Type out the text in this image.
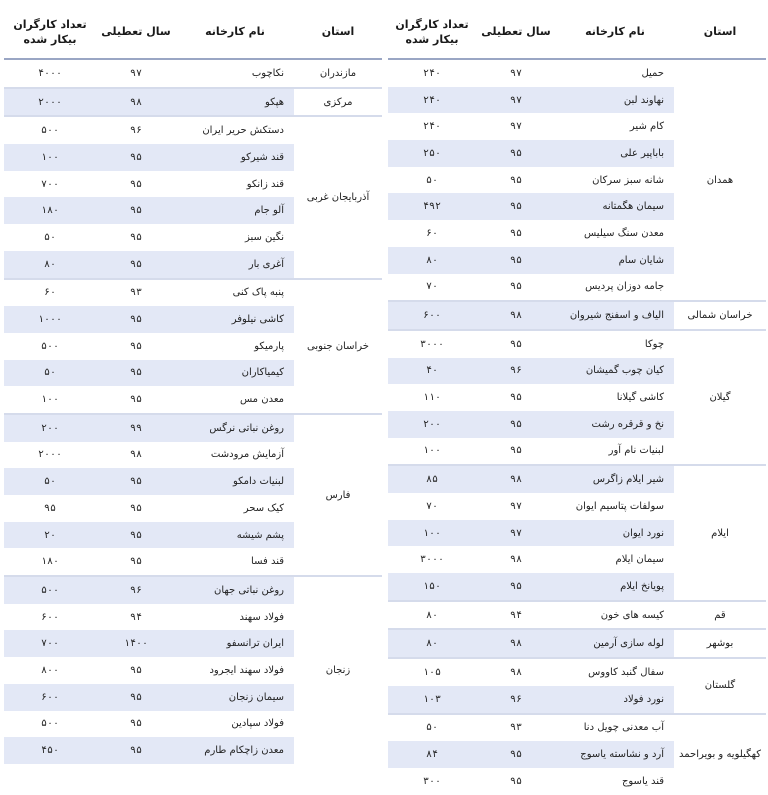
استان	نام کارخانه	سال تعطیلی	تعداد کارگران بیکار شده
همدان	حمیل	۹۷	۲۴۰
	نهاوند لبن	۹۷	۲۴۰
	کام شیر	۹۷	۲۴۰
	باباپیر علی	۹۵	۲۵۰
	شانه سبز سرکان	۹۵	۵۰
	سیمان هگمتانه	۹۵	۴۹۲
	معدن سنگ سیلیس	۹۵	۶۰
	شایان سام	۹۵	۸۰
	جامه دوزان پردیس	۹۵	۷۰
خراسان شمالی	الیاف و اسفنج شیروان	۹۸	۶۰۰
گیلان	چوکا	۹۵	۳۰۰۰
	کیان چوب گمیشان	۹۶	۴۰
	کاشی گیلانا	۹۵	۱۱۰
	نخ و قرقره رشت	۹۵	۲۰۰
	لبنیات نام آور	۹۵	۱۰۰
ایلام	شیر ایلام زاگرس	۹۸	۸۵
	سولفات پتاسیم ایوان	۹۷	۷۰
	نورد ایوان	۹۷	۱۰۰
	سیمان ایلام	۹۸	۳۰۰۰
	پویانخ ایلام	۹۵	۱۵۰
قم	کیسه های خون	۹۴	۸۰
بوشهر	لوله سازی آرمین	۹۸	۸۰
گلستان	سفال گنبد کاووس	۹۸	۱۰۵
	نورد فولاد	۹۶	۱۰۳
کهگیلویه و بویراحمد	آب معدنی چویل دنا	۹۳	۵۰
	آرد و نشاسته یاسوج	۹۵	۸۴
	قند یاسوج	۹۵	۳۰۰
استان	نام کارخانه	سال تعطیلی	تعداد کارگران بیکار شده
مازندران	نکاچوب	۹۷	۴۰۰۰
مرکزی	هپکو	۹۸	۲۰۰۰
آذربایجان غربی	دستکش حریر ایران	۹۶	۵۰۰
	قند شیرکو	۹۵	۱۰۰
	قند زانکو	۹۵	۷۰۰
	آلو جام	۹۵	۱۸۰
	نگین سبز	۹۵	۵۰
	آغری بار	۹۵	۸۰
خراسان جنوبی	پنبه پاک کنی	۹۳	۶۰
	کاشی نیلوفر	۹۵	۱۰۰۰
	پارمیکو	۹۵	۵۰۰
	کیمیاکاران	۹۵	۵۰
	معدن مس	۹۵	۱۰۰
فارس	روغن نباتی نرگس	۹۹	۲۰۰
	آزمایش مرودشت	۹۸	۲۰۰۰
	لبنیات دامکو	۹۵	۵۰
	کیک سحر	۹۵	۹۵
	پشم شیشه	۹۵	۲۰
	قند فسا	۹۵	۱۸۰
زنجان	روغن نباتی جهان	۹۶	۵۰۰
	فولاد سهند	۹۴	۶۰۰
	ایران ترانسفو	۱۴۰۰	۷۰۰
	فولاد سهند ایجرود	۹۵	۸۰۰
	سیمان زنجان	۹۵	۶۰۰
	فولاد سپادین	۹۵	۵۰۰
	معدن زاچکام طارم	۹۵	۴۵۰
